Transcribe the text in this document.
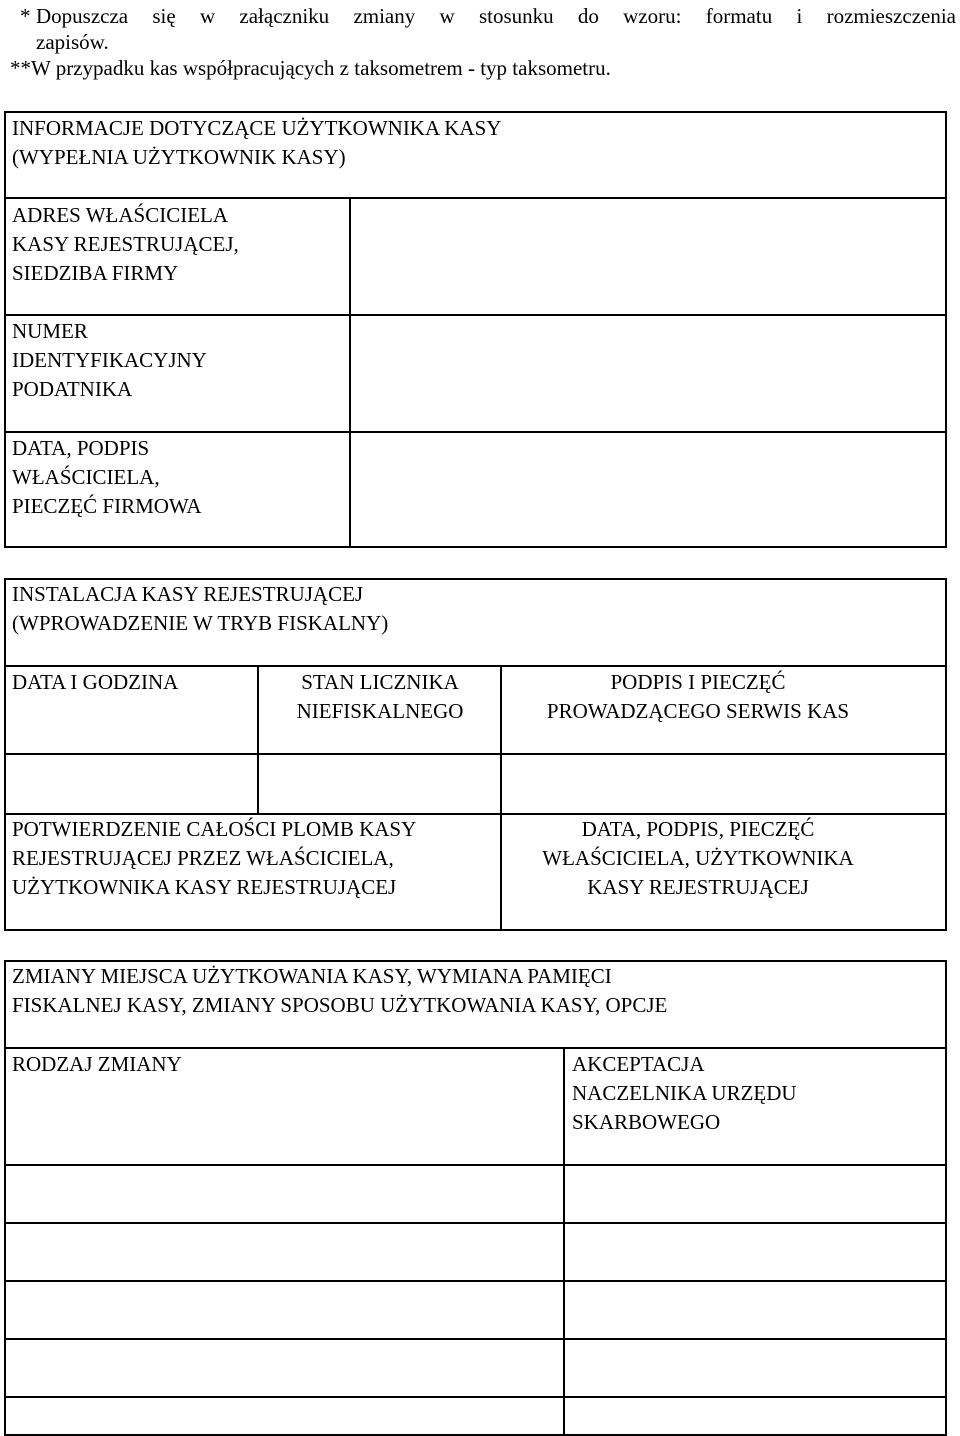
* Dopuszcza się w załączniku zmiany w stosunku do wzoru: formatu i rozmieszczenia
zapisów.
**W przypadku kas współpracujących z taksometrem - typ taksometru.
INFORMACJE DOTYCZĄCE UŻYTKOWNIKA KASY
(WYPEŁNIA UŻYTKOWNIK KASY)
ADRES WŁAŚCICIELA
KASY REJESTRUJĄCEJ,
SIEDZIBA FIRMY
NUMER
IDENTYFIKACYJNY
PODATNIKA
DATA, PODPIS
WŁAŚCICIELA,
PIECZĘĆ FIRMOWA
INSTALACJA KASY REJESTRUJĄCEJ
(WPROWADZENIE W TRYB FISKALNY)
DATA I GODZINA	STAN LICZNIKA
NIEFISKALNEGO
PODPIS I PIECZĘĆ
PROWADZĄCEGO SERWIS KAS
POTWIERDZENIE CAŁOŚCI PLOMB KASY
REJESTRUJĄCEJ PRZEZ WŁAŚCICIELA,
UŻYTKOWNIKA KASY REJESTRUJĄCEJ
DATA, PODPIS, PIECZĘĆ
WŁAŚCICIELA, UŻYTKOWNIKA
KASY REJESTRUJĄCEJ
ZMIANY MIEJSCA UŻYTKOWANIA KASY, WYMIANA PAMIĘCI
FISKALNEJ KASY, ZMIANY SPOSOBU UŻYTKOWANIA KASY, OPCJE
RODZAJ ZMIANY	AKCEPTACJA
NACZELNIKA URZĘDU
SKARBOWEGO
